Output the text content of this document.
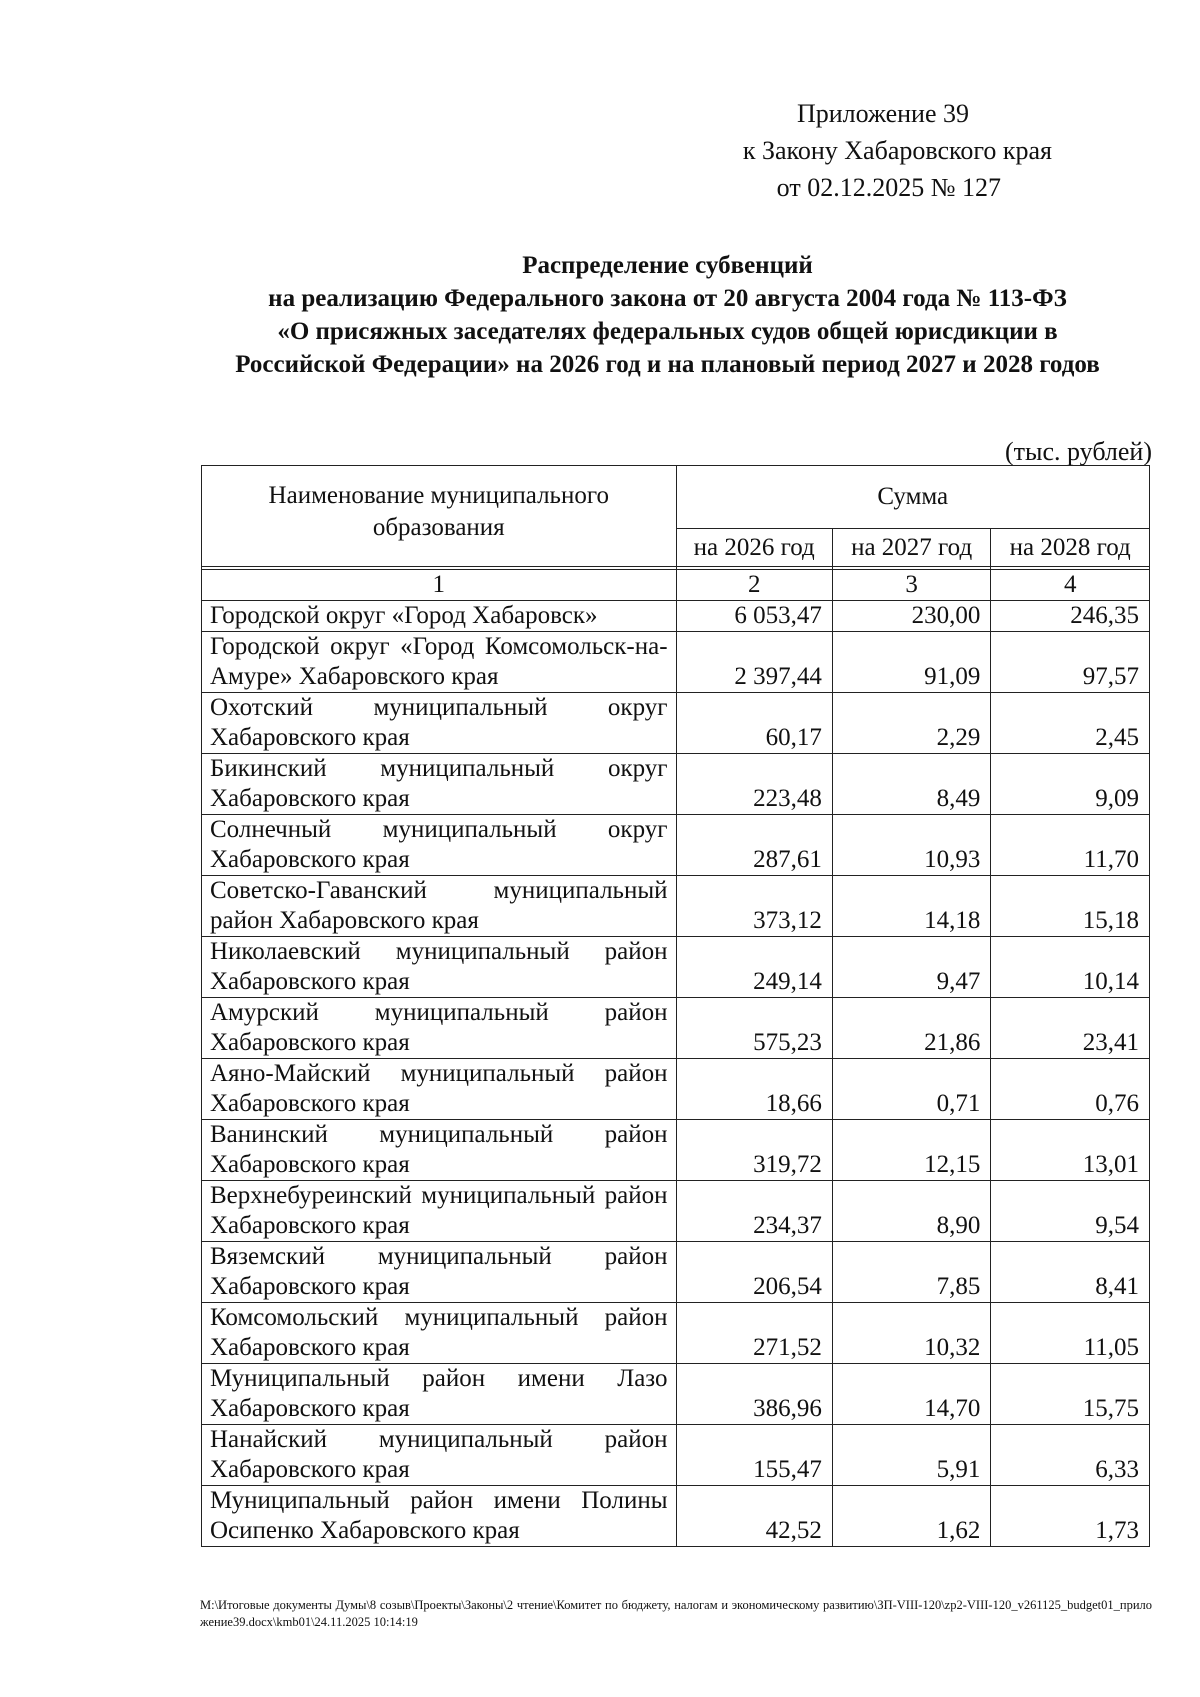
Приложение 39
к Закону Хабаровского края
от 02.12.2025 № 127
Распределение субвенций
на реализацию Федерального закона от 20 августа 2004 года № 113-ФЗ
«О присяжных заседателях федеральных судов общей юрисдикции в
Российской Федерации» на 2026 год и на плановый период 2027 и 2028 годов
(тыс. рублей)
Наименование муниципального образования	Сумма		
	на 2026 год	на 2027 год	на 2028 год

1	2	3	4
Городской округ «Город Хабаровск»	6 053,47	230,00	246,35
Городской округ «Город Комсомольск-на-Амуре» Хабаровского края	2 397,44	91,09	97,57
Охотский муниципальный округ Хабаровского края	60,17	2,29	2,45
Бикинский муниципальный округ Хабаровского края	223,48	8,49	9,09
Солнечный муниципальный округ Хабаровского края	287,61	10,93	11,70
Советско-Гаванский муниципальный район Хабаровского края	373,12	14,18	15,18
Николаевский муниципальный район Хабаровского края	249,14	9,47	10,14
Амурский муниципальный район Хабаровского края	575,23	21,86	23,41
Аяно-Майский муниципальный район Хабаровского края	18,66	0,71	0,76
Ванинский муниципальный район Хабаровского края	319,72	12,15	13,01
Верхнебуреинский муниципальный район Хабаровского края	234,37	8,90	9,54
Вяземский муниципальный район Хабаровского края	206,54	7,85	8,41
Комсомольский муниципальный район Хабаровского края	271,52	10,32	11,05
Муниципальный район имени Лазо Хабаровского края	386,96	14,70	15,75
Нанайский муниципальный район Хабаровского края	155,47	5,91	6,33
Муниципальный район имени Полины Осипенко Хабаровского края	42,52	1,62	1,73
М:\Итоговые документы Думы\8 созыв\Проекты\Законы\2 чтение\Комитет по бюджету, налогам и экономическому развитию\ЗП-VIII-120\zp2-VIII-120_v261125_budget01_приложение39.docx\kmb01\24.11.2025 10:14:19
